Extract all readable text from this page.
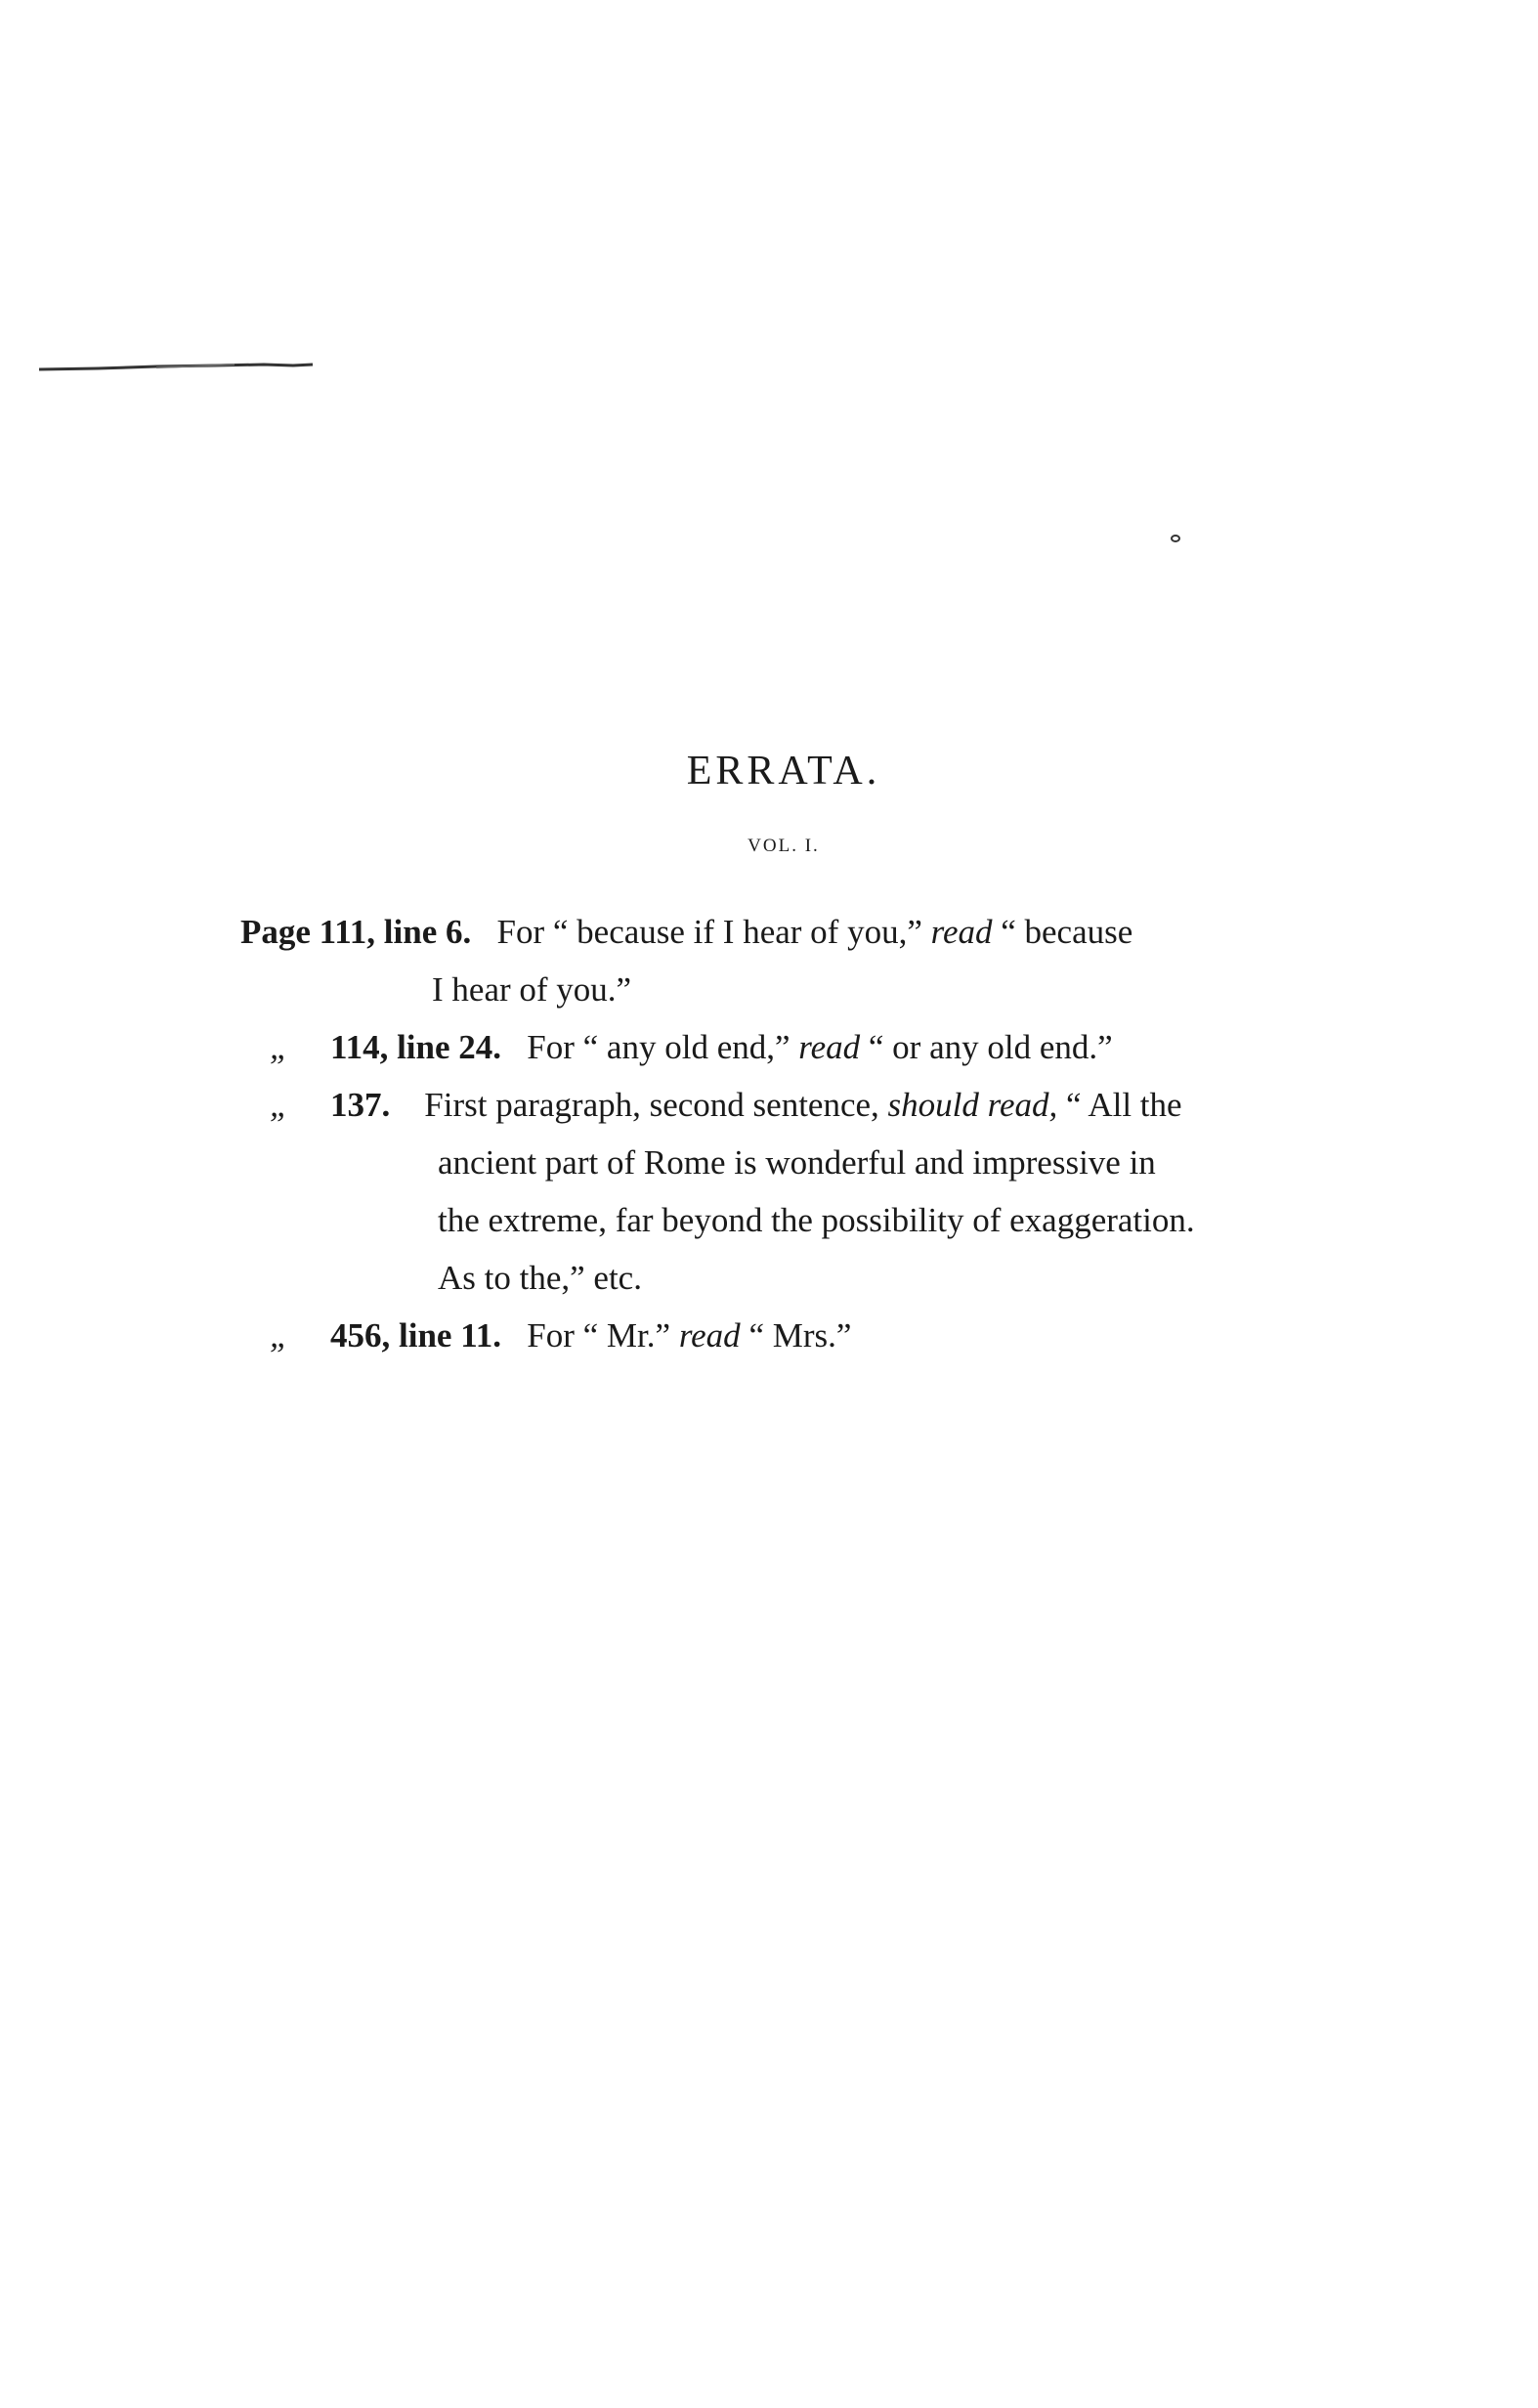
ERRATA.
VOL. I.
Page 111, line 6. For “ because if I hear of you,” read “ because
I hear of you.”
„ 114, line 24. For “ any old end,” read “ or any old end.”
„ 137. First paragraph, second sentence, should read, “ All the
ancient part of Rome is wonderful and impressive in
the extreme, far beyond the possibility of exaggeration.
As to the,” etc.
„ 456, line 11. For “ Mr.” read “ Mrs.”
